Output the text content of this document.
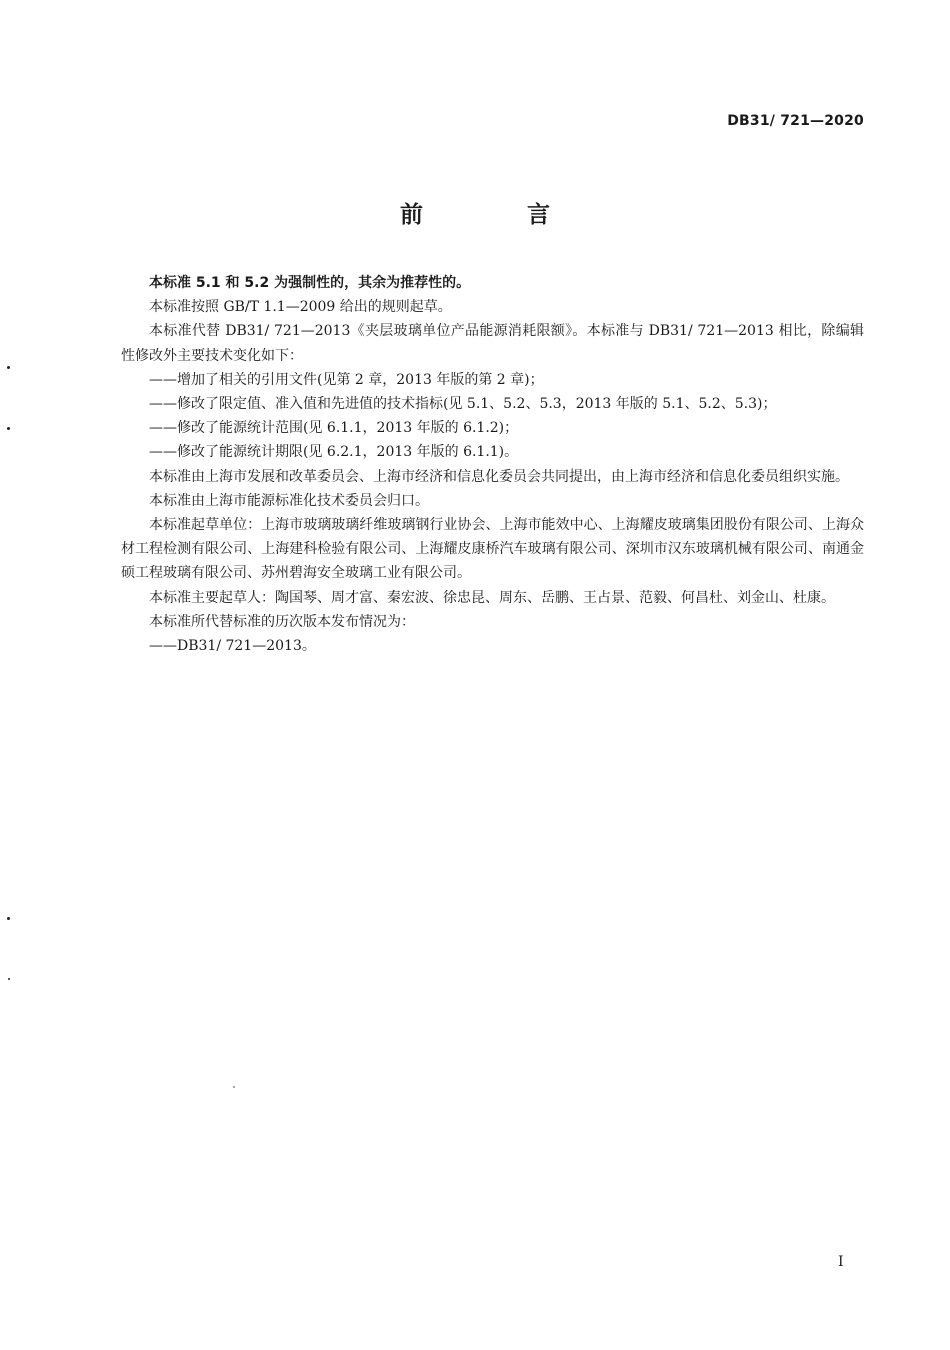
DB31/ 721—2020
前 言

本标准 5.1 和 5.2 为强制性的，其余为推荐性的。

本标准按照 GB/T 1.1—2009 给出的规则起草。

本标准代替 DB31/ 721—2013《夹层玻璃单位产品能源消耗限额》。本标准与 DB31/ 721—2013 相比，除编辑性修改外主要技术变化如下：

——增加了相关的引用文件(见第 2 章，2013 年版的第 2 章)；

——修改了限定值、准入值和先进值的技术指标(见 5.1、5.2、5.3，2013 年版的 5.1、5.2、5.3)；

——修改了能源统计范围(见 6.1.1，2013 年版的 6.1.2)；

——修改了能源统计期限(见 6.2.1，2013 年版的 6.1.1)。

本标准由上海市发展和改革委员会、上海市经济和信息化委员会共同提出，由上海市经济和信息化委员组织实施。

本标准由上海市能源标准化技术委员会归口。

本标准起草单位：上海市玻璃玻璃纤维玻璃钢行业协会、上海市能效中心、上海耀皮玻璃集团股份有限公司、上海众材工程检测有限公司、上海建科检验有限公司、上海耀皮康桥汽车玻璃有限公司、深圳市汉东玻璃机械有限公司、南通金硕工程玻璃有限公司、苏州碧海安全玻璃工业有限公司。

本标准主要起草人：陶国琴、周才富、秦宏波、徐忠昆、周东、岳鹏、王占景、范毅、何昌杜、刘金山、杜康。

本标准所代替标准的历次版本发布情况为：

——DB31/ 721—2013。

I
